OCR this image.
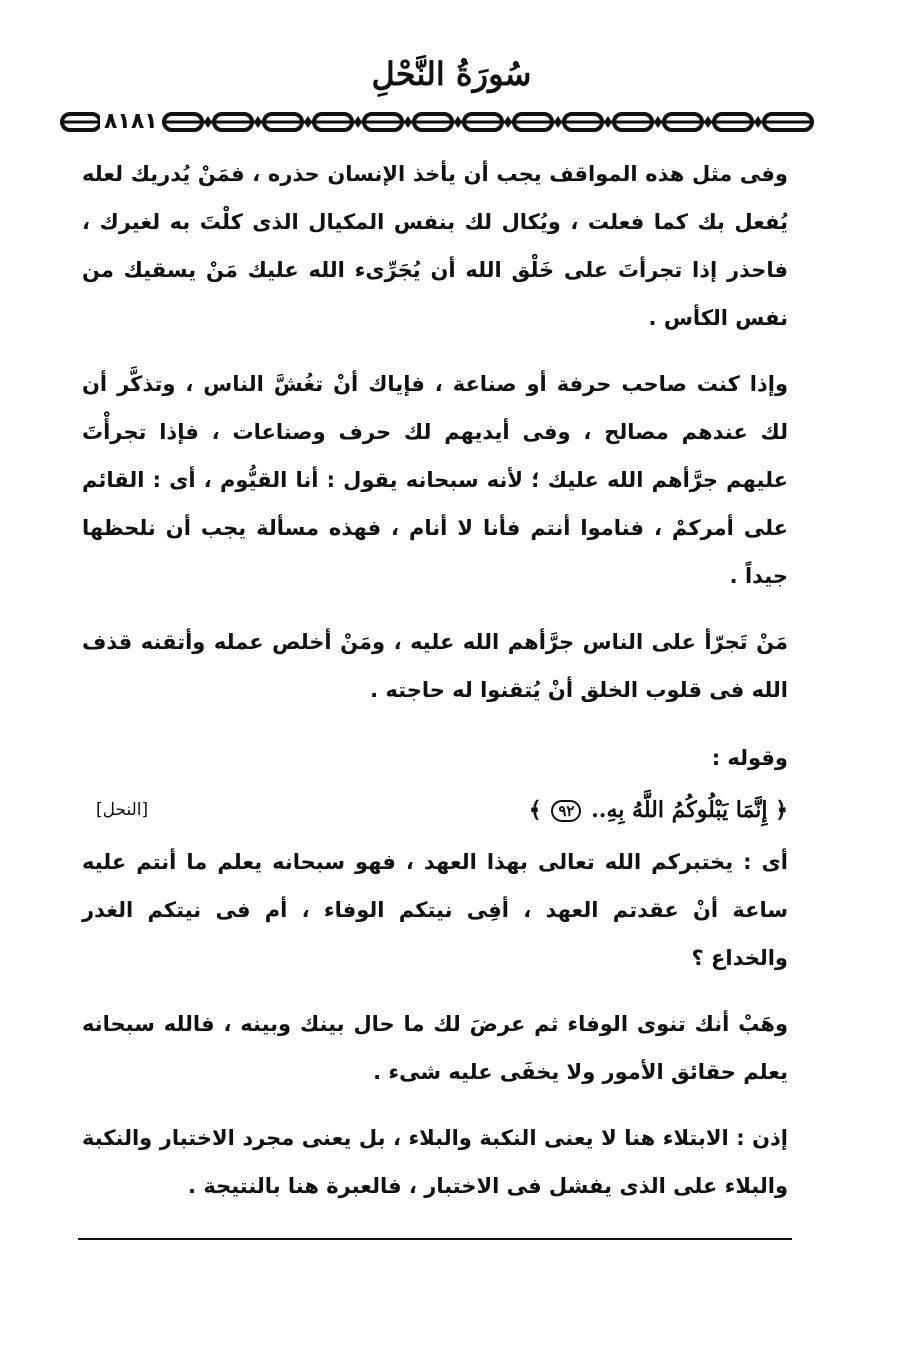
سُورَةُ النَّحْلِ
٨١٨١

وفى مثل هذه المواقف يجب أن يأخذ الإنسان حذره ، فمَنْ يُدريك لعله يُفعل بك كما فعلت ، ويُكال لك بنفس المكيال الذى كلْتَ به لغيرك ، فاحذر إذا تجرأتَ على خَلْق الله أن يُجَرِّىء الله عليك مَنْ يسقيك من نفس الكأس .

وإذا كنت صاحب حرفة أو صناعة ، فإياك أنْ تغُشَّ الناس ، وتذكَّر أن لك عندهم مصالح ، وفى أيديهم لك حرف وصناعات ، فإذا تجرأْتَ عليهم جرَّأهم الله عليك ؛ لأنه سبحانه يقول : أنا القيُّوم ، أى : القائم على أمركمْ ، فناموا أنتم فأنا لا أنام ، فهذه مسألة يجب أن نلحظها جيداً .

مَنْ تَجرّأ على الناس جرَّأهم الله عليه ، ومَنْ أخلص عمله وأتقنه قذف الله فى قلوب الخلق أنْ يُتقنوا له حاجته .

وقوله :

﴿ إِنَّمَا يَبْلُوكُمُ اللَّهُ بِهِ.. ٩٢ ﴾
[النحل]

أى : يختبركم الله تعالى بهذا العهد ، فهو سبحانه يعلم ما أنتم عليه ساعة أنْ عقدتم العهد ، أفِى نيتكم الوفاء ، أم فى نيتكم الغدر والخداع ؟

وهَبْ أنك تنوى الوفاء ثم عرضَ لك ما حال بينك وبينه ، فالله سبحانه يعلم حقائق الأمور ولا يخفَى عليه شىء .

إذن : الابتلاء هنا لا يعنى النكبة والبلاء ، بل يعنى مجرد الاختبار والنكبة والبلاء على الذى يفشل فى الاختبار ، فالعبرة هنا بالنتيجة .
